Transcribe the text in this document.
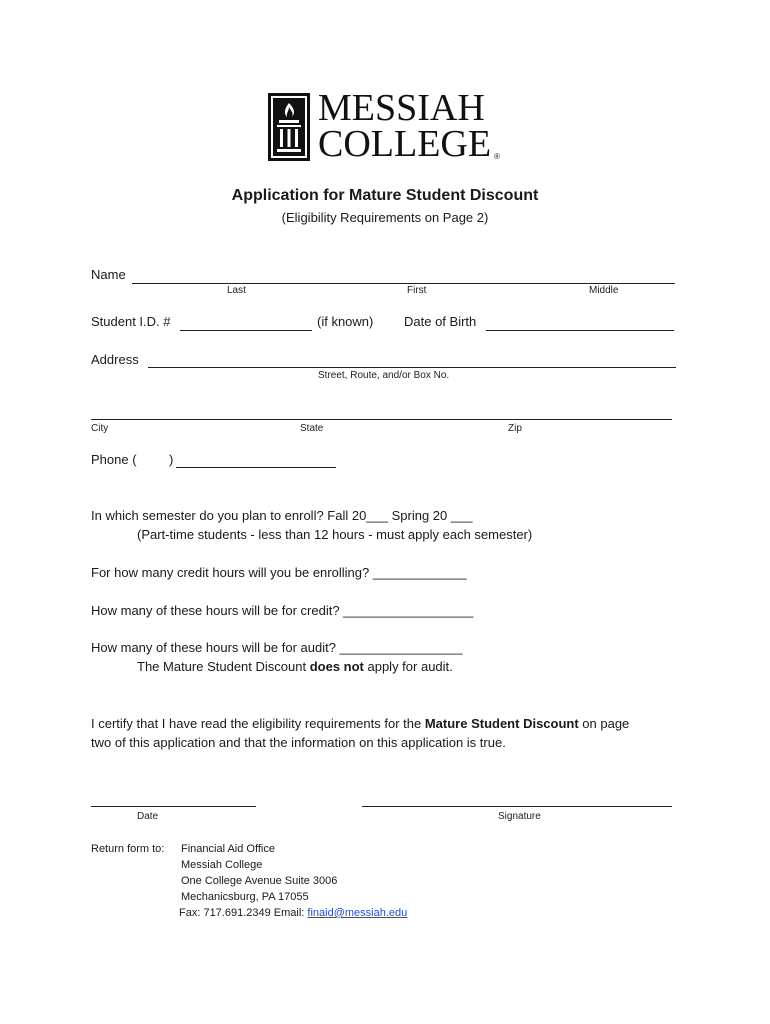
MESSIAH
COLLEGE ®
Application for Mature Student Discount
(Eligibility Requirements on Page 2)
Name
Last	First	Middle
Student I.D. #	(if known) Date of Birth
Address
Street, Route, and/or Box No.
City	State	Zip
Phone ( )
In which semester do you plan to enroll? Fall 20___ Spring 20 ___
(Part-time students - less than 12 hours - must apply each semester)
For how many credit hours will you be enrolling? _____________
How many of these hours will be for credit? __________________
How many of these hours will be for audit? _________________
The Mature Student Discount does not apply for audit.
I certify that I have read the eligibility requirements for the Mature Student Discount on page
two of this application and that the information on this application is true.
Date	Signature
Return form to: Financial Aid Office
Messiah College
One College Avenue Suite 3006
Mechanicsburg, PA 17055
Fax: 717.691.2349 Email: finaid@messiah.edu
